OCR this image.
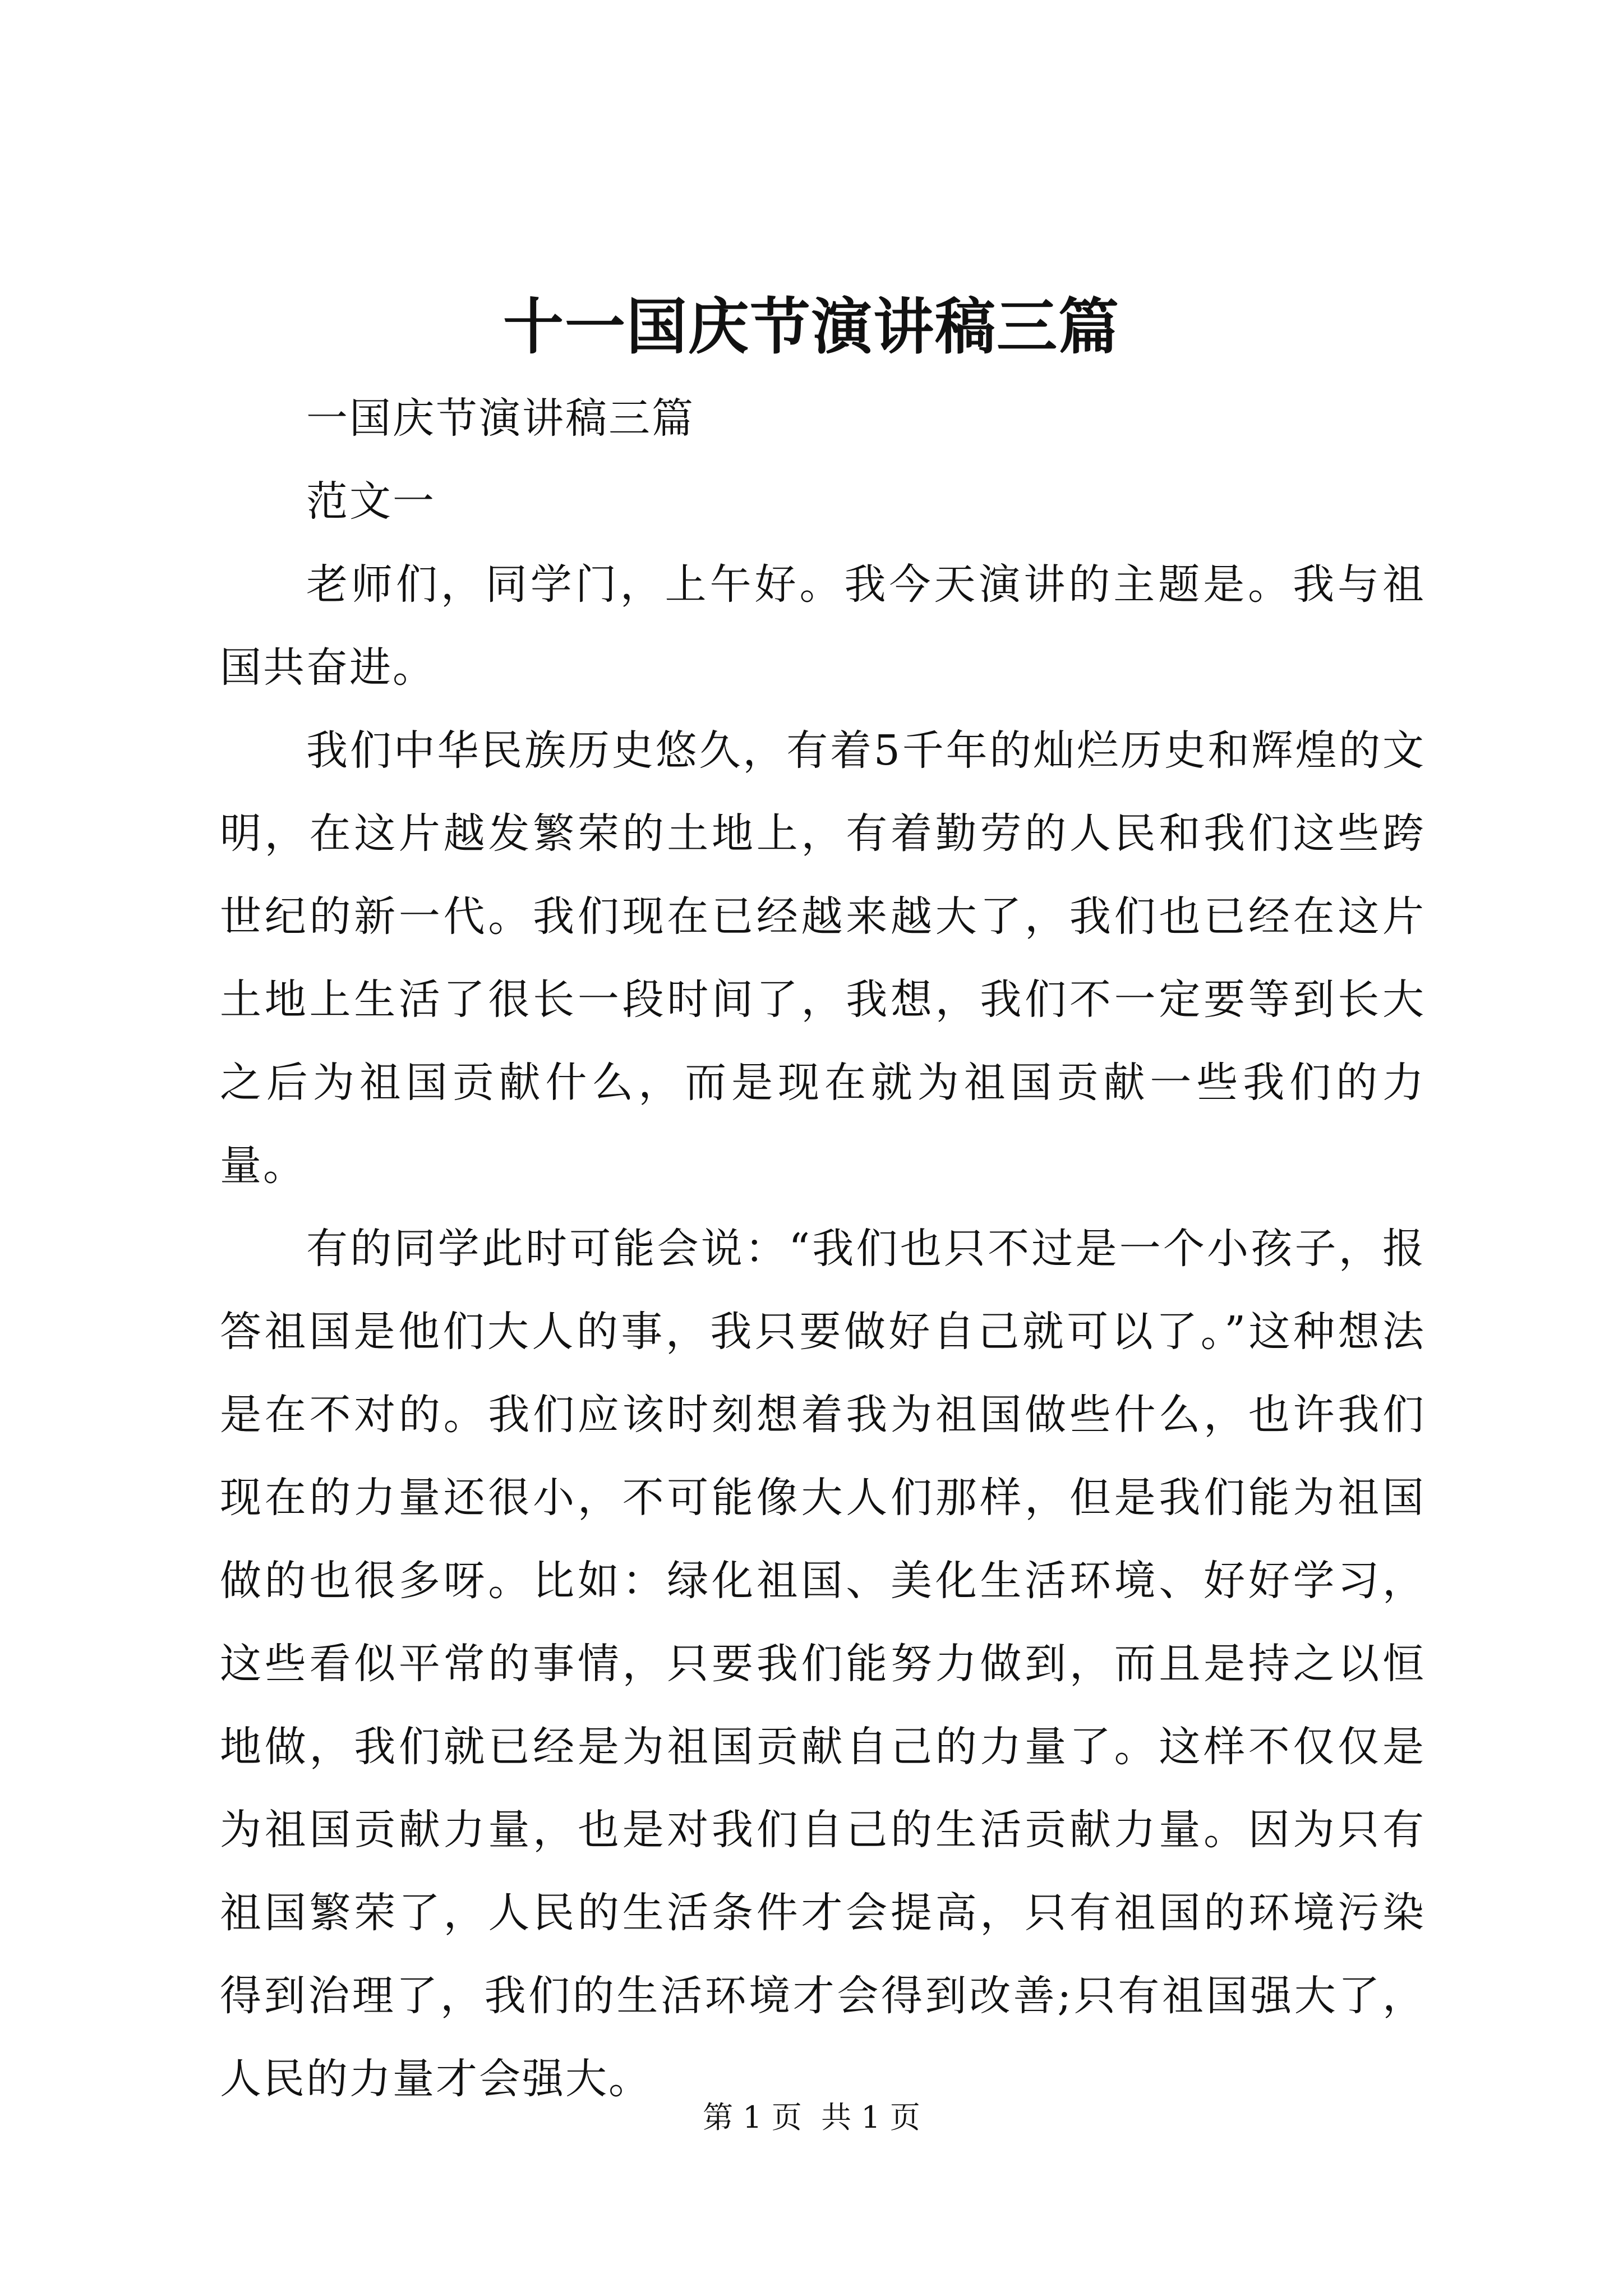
十一国庆节演讲稿三篇

一国庆节演讲稿三篇

范文一

老师们，同学门，上午好。我今天演讲的主题是。我与祖国共奋进。

我们中华民族历史悠久，有着5千年的灿烂历史和辉煌的文明，在这片越发繁荣的土地上，有着勤劳的人民和我们这些跨世纪的新一代。我们现在已经越来越大了，我们也已经在这片土地上生活了很长一段时间了，我想，我们不一定要等到长大之后为祖国贡献什么，而是现在就为祖国贡献一些我们的力量。

有的同学此时可能会说：“我们也只不过是一个小孩子，报答祖国是他们大人的事，我只要做好自己就可以了。”这种想法是在不对的。我们应该时刻想着我为祖国做些什么，也许我们现在的力量还很小，不可能像大人们那样，但是我们能为祖国做的也很多呀。比如：绿化祖国、美化生活环境、好好学习，这些看似平常的事情，只要我们能努力做到，而且是持之以恒地做，我们就已经是为祖国贡献自己的力量了。这样不仅仅是为祖国贡献力量，也是对我们自己的生活贡献力量。因为只有祖国繁荣了，人民的生活条件才会提高，只有祖国的环境污染得到治理了，我们的生活环境才会得到改善;只有祖国强大了，人民的力量才会强大。

第 1 页  共 1 页
